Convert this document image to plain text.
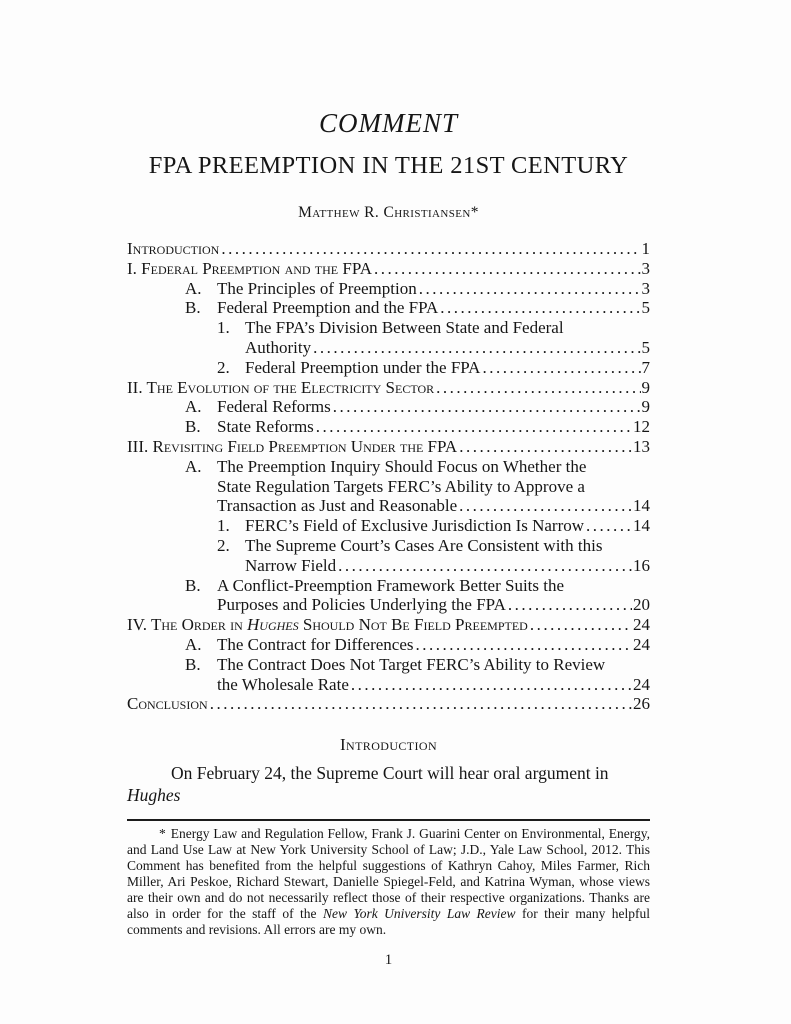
COMMENT
FPA PREEMPTION IN THE 21ST CENTURY
Matthew R. Christiansen*
Introduction .....	1
I. Federal Preemption and the FPA .....	3
A. The Principles of Preemption .....	3
B. Federal Preemption and the FPA .....	5
1. The FPA’s Division Between State and Federal
Authority .....	5
2. Federal Preemption under the FPA .....	7
II. The Evolution of the Electricity Sector .....	9
A. Federal Reforms .....	9
B. State Reforms .....	12
III. Revisiting Field Preemption Under the FPA .....	13
A. The Preemption Inquiry Should Focus on Whether the
State Regulation Targets FERC’s Ability to Approve a
Transaction as Just and Reasonable .....	14
1. FERC’s Field of Exclusive Jurisdiction Is Narrow .....	14
2. The Supreme Court’s Cases Are Consistent with this
Narrow Field .....	16
B. A Conflict-Preemption Framework Better Suits the
Purposes and Policies Underlying the FPA .....	20
IV. The Order in Hughes Should Not Be Field Preempted .....	24
A. The Contract for Differences .....	24
B. The Contract Does Not Target FERC’s Ability to Review
the Wholesale Rate .....	24
Conclusion .....	26
Introduction

On February 24, the Supreme Court will hear oral argument in Hughes

* Energy Law and Regulation Fellow, Frank J. Guarini Center on Environmental, Energy,
and Land Use Law at New York University School of Law; J.D., Yale Law School, 2012. This
Comment has benefited from the helpful suggestions of Kathryn Cahoy, Miles Farmer, Rich
Miller, Ari Peskoe, Richard Stewart, Danielle Spiegel-Feld, and Katrina Wyman, whose views
are their own and do not necessarily reflect those of their respective organizations. Thanks are
also in order for the staff of the New York University Law Review for their many helpful
comments and revisions. All errors are my own.
1
